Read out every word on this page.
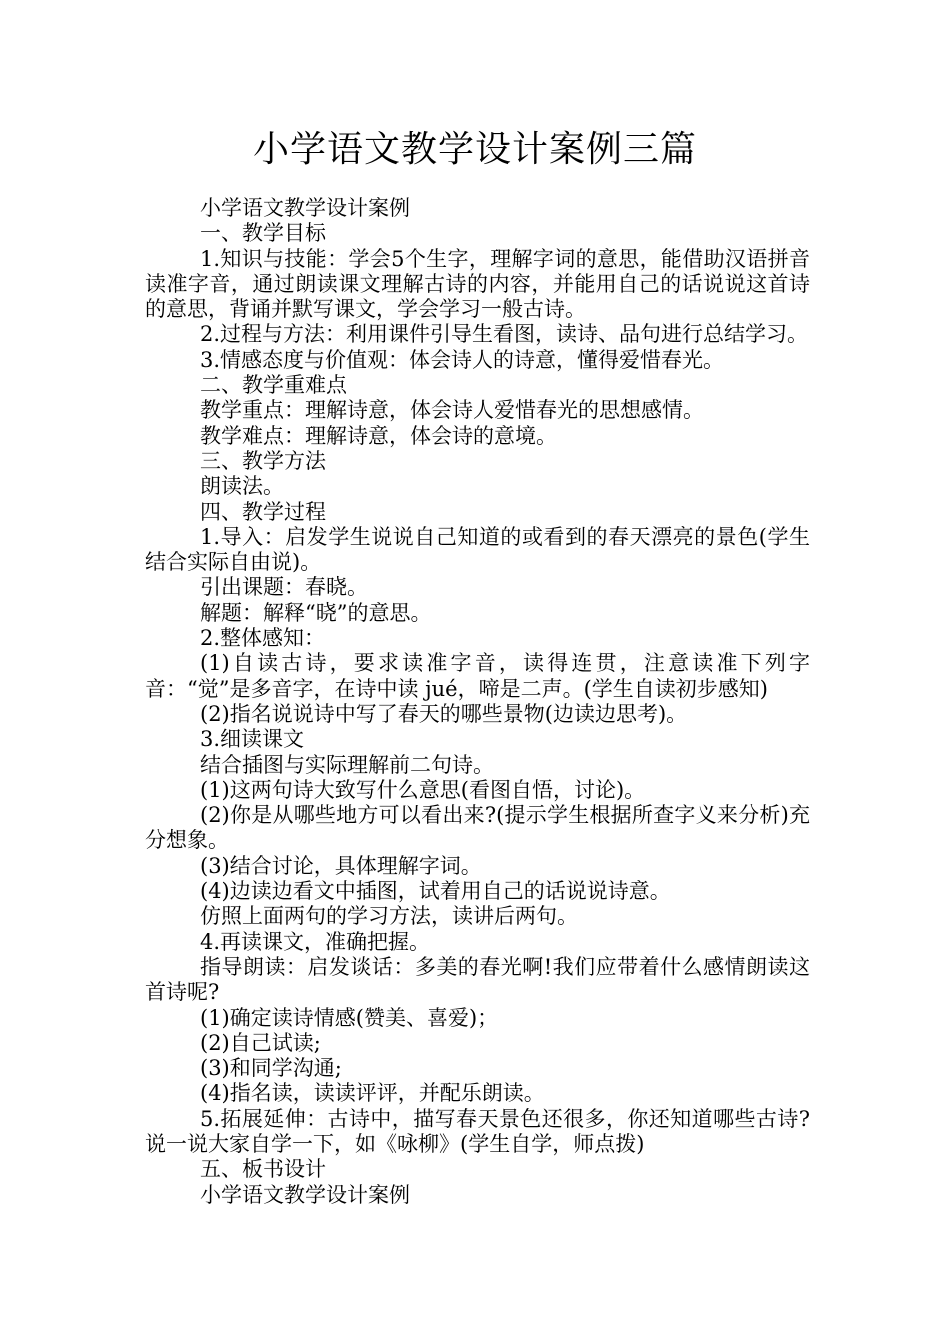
小学语文教学设计案例三篇

小学语文教学设计案例

一、教学目标

1.知识与技能：学会5个生字，理解字词的意思，能借助汉语拼音读准字音，通过朗读课文理解古诗的内容，并能用自己的话说说这首诗的意思，背诵并默写课文，学会学习一般古诗。

2.过程与方法：利用课件引导生看图，读诗、品句进行总结学习。

3.情感态度与价值观：体会诗人的诗意，懂得爱惜春光。

二、教学重难点

教学重点：理解诗意，体会诗人爱惜春光的思想感情。

教学难点：理解诗意，体会诗的意境。

三、教学方法

朗读法。

四、教学过程

1.导入：启发学生说说自己知道的或看到的春天漂亮的景色(学生结合实际自由说)。

引出课题：春晓。

解题：解释“晓”的意思。

2.整体感知：

(1)自读古诗，要求读准字音，读得连贯，注意读准下列字音：“觉”是多音字，在诗中读 jué，啼是二声。(学生自读初步感知)

(2)指名说说诗中写了春天的哪些景物(边读边思考)。

3.细读课文

结合插图与实际理解前二句诗。

(1)这两句诗大致写什么意思(看图自悟，讨论)。

(2)你是从哪些地方可以看出来?(提示学生根据所查字义来分析)充分想象。

(3)结合讨论，具体理解字词。

(4)边读边看文中插图，试着用自己的话说说诗意。

仿照上面两句的学习方法，读讲后两句。

4.再读课文，准确把握。

指导朗读：启发谈话：多美的春光啊!我们应带着什么感情朗读这首诗呢?

(1)确定读诗情感(赞美、喜爱)；

(2)自己试读;

(3)和同学沟通;

(4)指名读，读读评评，并配乐朗读。

5.拓展延伸：古诗中，描写春天景色还很多，你还知道哪些古诗?说一说大家自学一下，如《咏柳》(学生自学，师点拨)

五、板书设计

小学语文教学设计案例
